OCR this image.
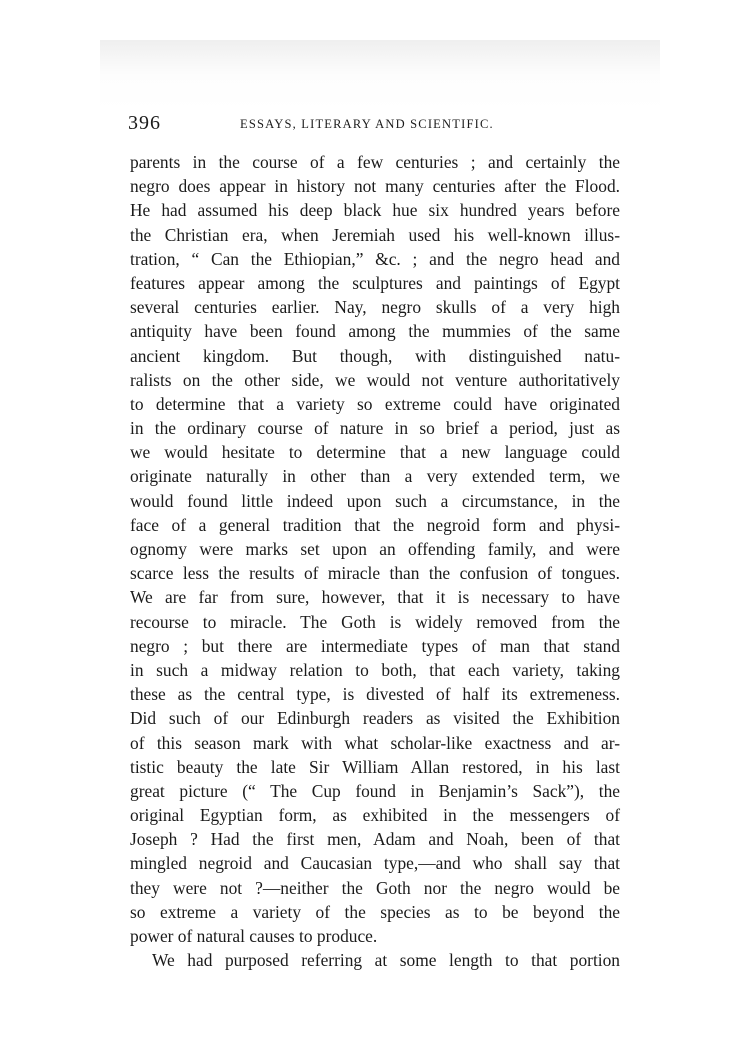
396	ESSAYS, LITERARY AND SCIENTIFIC.
parents in the course of a few centuries ; and certainly the
negro does appear in history not many centuries after the Flood.
He had assumed his deep black hue six hundred years before
the Christian era, when Jeremiah used his well-known illus-
tration, “ Can the Ethiopian,” &c. ; and the negro head and
features appear among the sculptures and paintings of Egypt
several centuries earlier. Nay, negro skulls of a very high
antiquity have been found among the mummies of the same
ancient kingdom. But though, with distinguished natu-
ralists on the other side, we would not venture authoritatively
to determine that a variety so extreme could have originated
in the ordinary course of nature in so brief a period, just as
we would hesitate to determine that a new language could
originate naturally in other than a very extended term, we
would found little indeed upon such a circumstance, in the
face of a general tradition that the negroid form and physi-
ognomy were marks set upon an offending family, and were
scarce less the results of miracle than the confusion of tongues.
We are far from sure, however, that it is necessary to have
recourse to miracle. The Goth is widely removed from the
negro ; but there are intermediate types of man that stand
in such a midway relation to both, that each variety, taking
these as the central type, is divested of half its extremeness.
Did such of our Edinburgh readers as visited the Exhibition
of this season mark with what scholar-like exactness and ar-
tistic beauty the late Sir William Allan restored, in his last
great picture (“ The Cup found in Benjamin’s Sack”), the
original Egyptian form, as exhibited in the messengers of
Joseph ? Had the first men, Adam and Noah, been of that
mingled negroid and Caucasian type,—and who shall say that
they were not ?—neither the Goth nor the negro would be
so extreme a variety of the species as to be beyond the
power of natural causes to produce.
We had purposed referring at some length to that portion
